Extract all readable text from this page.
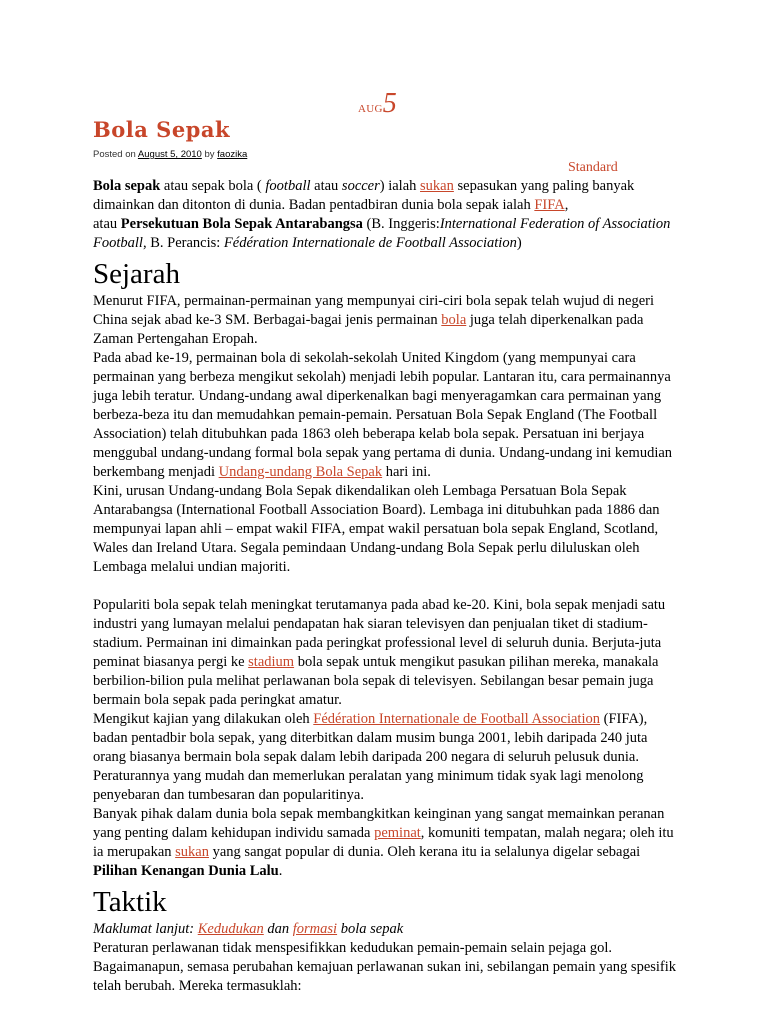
AUG5
Bola Sepak
Posted on August 5, 2010 by faozika
Standard

Bola sepak atau sepak bola ( football atau soccer) ialah sukan sepasukan yang paling banyak dimainkan dan ditonton di dunia. Badan pentadbiran dunia bola sepak ialah FIFA,
atau Persekutuan Bola Sepak Antarabangsa (B. Inggeris:International Federation of Association Football, B. Perancis: Fédération Internationale de Football Association)

Sejarah

Menurut FIFA, permainan-permainan yang mempunyai ciri-ciri bola sepak telah wujud di negeri China sejak abad ke-3 SM. Berbagai-bagai jenis permainan bola juga telah diperkenalkan pada Zaman Pertengahan Eropah.

Pada abad ke-19, permainan bola di sekolah-sekolah United Kingdom (yang mempunyai cara permainan yang berbeza mengikut sekolah) menjadi lebih popular. Lantaran itu, cara permainannya juga lebih teratur. Undang-undang awal diperkenalkan bagi menyeragamkan cara permainan yang berbeza-beza itu dan memudahkan pemain-pemain. Persatuan Bola Sepak England (The Football Association) telah ditubuhkan pada 1863 oleh beberapa kelab bola sepak. Persatuan ini berjaya menggubal undang-undang formal bola sepak yang pertama di dunia. Undang-undang ini kemudian berkembang menjadi Undang-undang Bola Sepak hari ini.

Kini, urusan Undang-undang Bola Sepak dikendalikan oleh Lembaga Persatuan Bola Sepak Antarabangsa (International Football Association Board). Lembaga ini ditubuhkan pada 1886 dan mempunyai lapan ahli – empat wakil FIFA, empat wakil persatuan bola sepak England, Scotland, Wales dan Ireland Utara. Segala pemindaan Undang-undang Bola Sepak perlu diluluskan oleh Lembaga melalui undian majoriti.

Populariti bola sepak telah meningkat terutamanya pada abad ke-20. Kini, bola sepak menjadi satu industri yang lumayan melalui pendapatan hak siaran televisyen dan penjualan tiket di stadium-stadium. Permainan ini dimainkan pada peringkat professional level di seluruh dunia. Berjuta-juta peminat biasanya pergi ke stadium bola sepak untuk mengikut pasukan pilihan mereka, manakala berbilion-bilion pula melihat perlawanan bola sepak di televisyen. Sebilangan besar pemain juga bermain bola sepak pada peringkat amatur.

Mengikut kajian yang dilakukan oleh Fédération Internationale de Football Association (FIFA), badan pentadbir bola sepak, yang diterbitkan dalam musim bunga 2001, lebih daripada 240 juta orang biasanya bermain bola sepak dalam lebih daripada 200 negara di seluruh pelusuk dunia. Peraturannya yang mudah dan memerlukan peralatan yang minimum tidak syak lagi menolong penyebaran dan tumbesaran dan popularitinya.

Banyak pihak dalam dunia bola sepak membangkitkan keinginan yang sangat memainkan peranan yang penting dalam kehidupan individu samada peminat, komuniti tempatan, malah negara; oleh itu ia merupakan sukan yang sangat popular di dunia. Oleh kerana itu ia selalunya digelar sebagai Pilihan Kenangan Dunia Lalu.

Taktik

Maklumat lanjut: Kedudukan dan formasi bola sepak

Peraturan perlawanan tidak menspesifikkan kedudukan pemain-pemain selain pejaga gol. Bagaimanapun, semasa perubahan kemajuan perlawanan sukan ini, sebilangan pemain yang spesifik telah berubah. Mereka termasuklah:
